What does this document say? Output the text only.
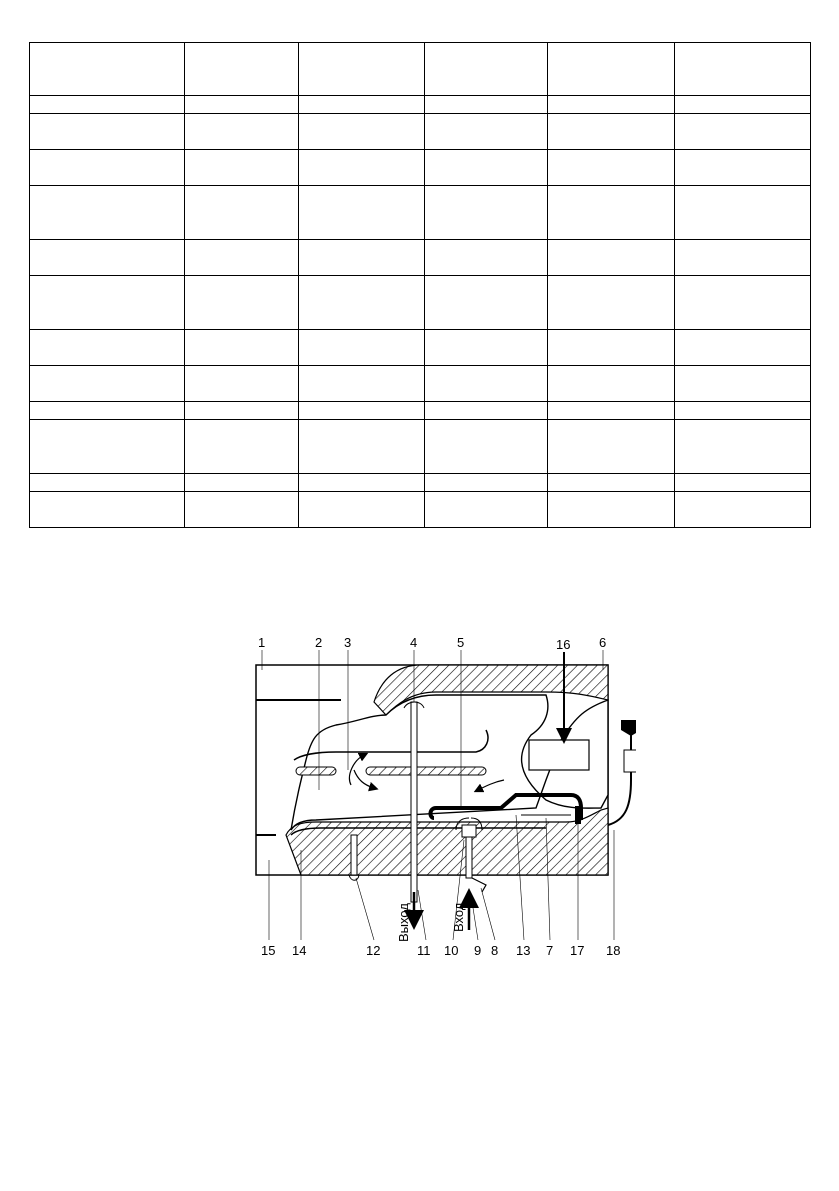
Выход	Вход
1	2 3	4	5	16 6
15 14	12	11 10 9 8 13 7 17 18
